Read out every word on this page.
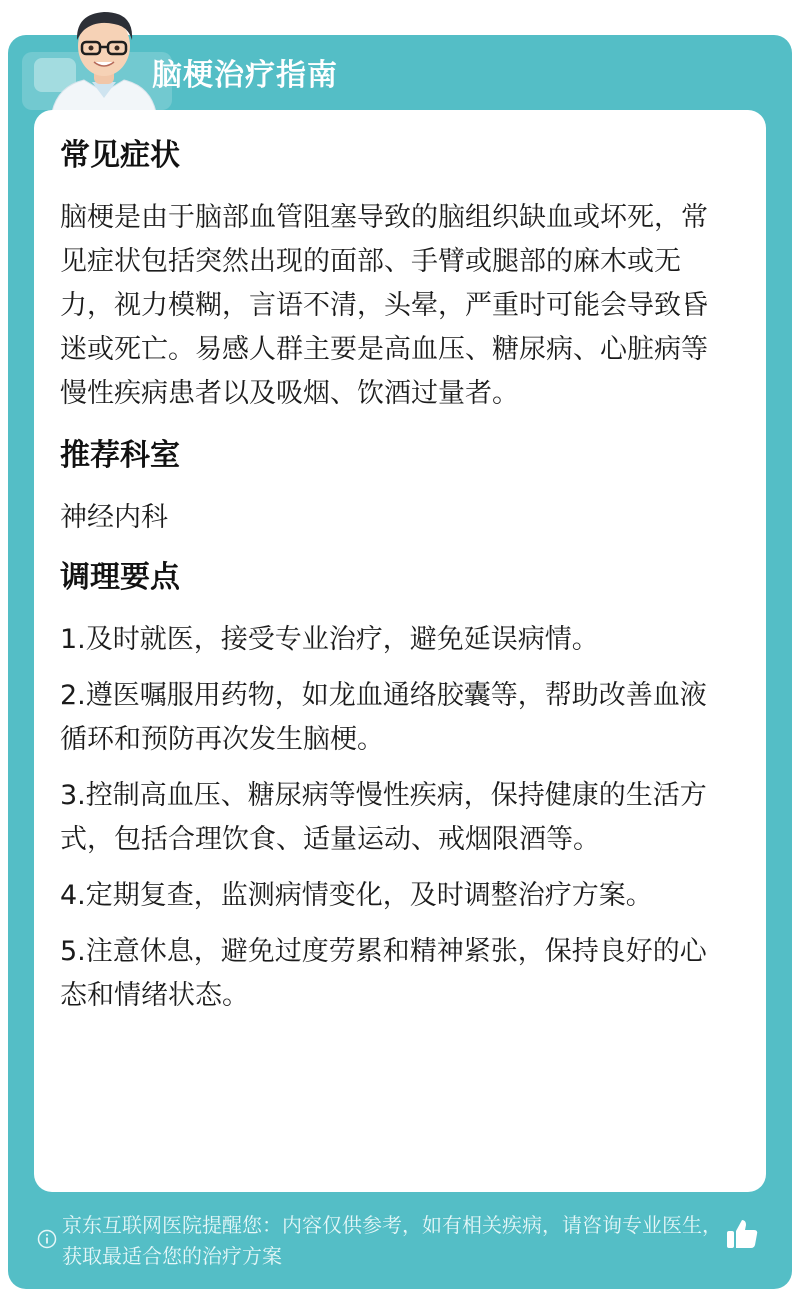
脑梗治疗指南
常见症状

脑梗是由于脑部血管阻塞导致的脑组织缺血或坏死，常见症状包括突然出现的面部、手臂或腿部的麻木或无力，视力模糊，言语不清，头晕，严重时可能会导致昏迷或死亡。易感人群主要是高血压、糖尿病、心脏病等慢性疾病患者以及吸烟、饮酒过量者。

推荐科室

神经内科

调理要点

1.及时就医，接受专业治疗，避免延误病情。

2.遵医嘱服用药物，如龙血通络胶囊等，帮助改善血液循环和预防再次发生脑梗。

3.控制高血压、糖尿病等慢性疾病，保持健康的生活方式，包括合理饮食、适量运动、戒烟限酒等。

4.定期复查，监测病情变化，及时调整治疗方案。

5.注意休息，避免过度劳累和精神紧张，保持良好的心态和情绪状态。

京东互联网医院提醒您：内容仅供参考，如有相关疾病，请咨询专业医生，获取最适合您的治疗方案
